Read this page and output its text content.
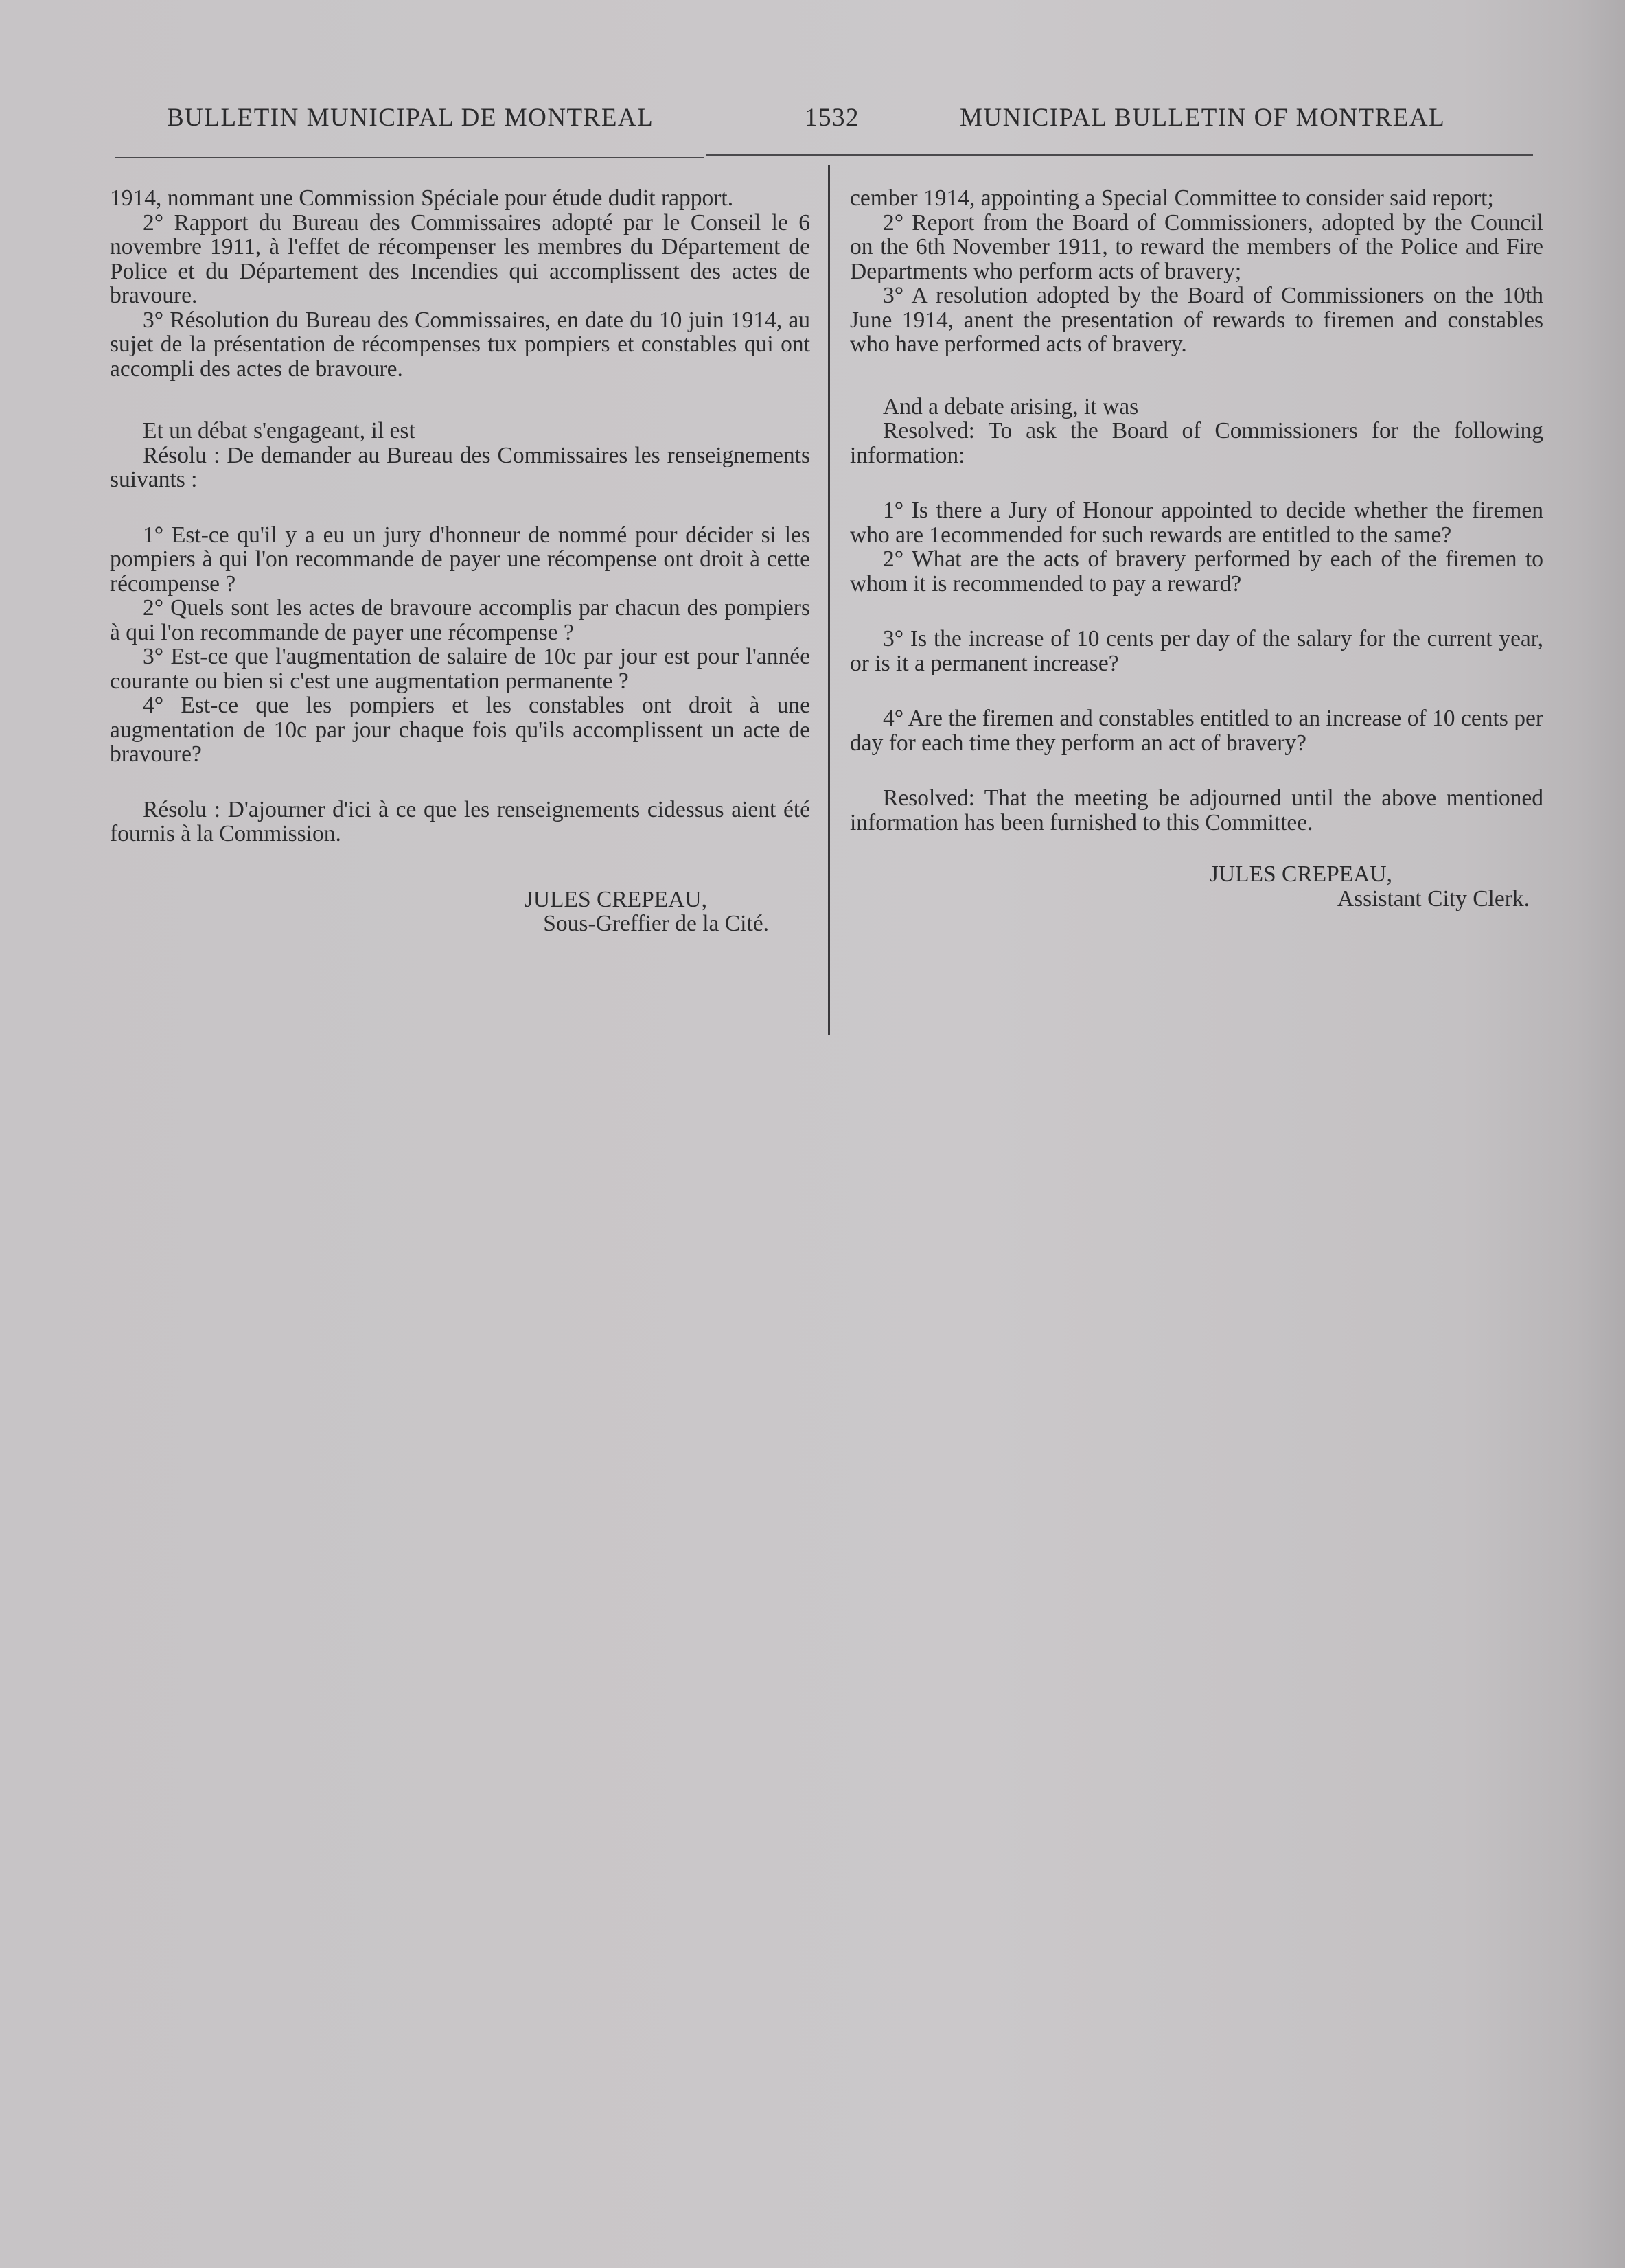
BULLETIN MUNICIPAL DE MONTREAL	1532	MUNICIPAL BULLETIN OF MONTREAL

1914, nommant une Commission Spéciale pour étude dudit rapport.

2° Rapport du Bureau des Commissaires adopté par le Conseil le 6 novembre 1911, à l'effet de récompenser les membres du Département de Police et du Département des Incendies qui accomplissent des actes de bravoure.

3° Résolution du Bureau des Commissaires, en date du 10 juin 1914, au sujet de la présentation de récompenses tux pompiers et constables qui ont accompli des actes de bravoure.

Et un débat s'engageant, il est

Résolu : De demander au Bureau des Commissaires les renseignements suivants :

1° Est-ce qu'il y a eu un jury d'honneur de nommé pour décider si les pompiers à qui l'on recommande de payer une récompense ont droit à cette récompense ?

2° Quels sont les actes de bravoure accomplis par chacun des pompiers à qui l'on recommande de payer une récompense ?

3° Est-ce que l'augmentation de salaire de 10c par jour est pour l'année courante ou bien si c'est une augmentation permanente ?

4° Est-ce que les pompiers et les constables ont droit à une augmentation de 10c par jour chaque fois qu'ils accomplissent un acte de bravoure?

Résolu : D'ajourner d'ici à ce que les renseignements cidessus aient été fournis à la Commission.

JULES CREPEAU,

Sous-Greffier de la Cité.

cember 1914, appointing a Special Committee to consider said report;

2° Report from the Board of Commissioners, adopted by the Council on the 6th November 1911, to reward the members of the Police and Fire Departments who perform acts of bravery;

3° A resolution adopted by the Board of Commissioners on the 10th June 1914, anent the presentation of rewards to firemen and constables who have performed acts of bravery.

And a debate arising, it was

Resolved: To ask the Board of Commissioners for the following information:

1° Is there a Jury of Honour appointed to decide whether the firemen who are 1ecommended for such rewards are entitled to the same?

2° What are the acts of bravery performed by each of the firemen to whom it is recommended to pay a reward?

3° Is the increase of 10 cents per day of the salary for the current year, or is it a permanent increase?

4° Are the firemen and constables entitled to an increase of 10 cents per day for each time they perform an act of bravery?

Resolved: That the meeting be adjourned until the above mentioned information has been furnished to this Committee.

JULES CREPEAU,

Assistant City Clerk.
